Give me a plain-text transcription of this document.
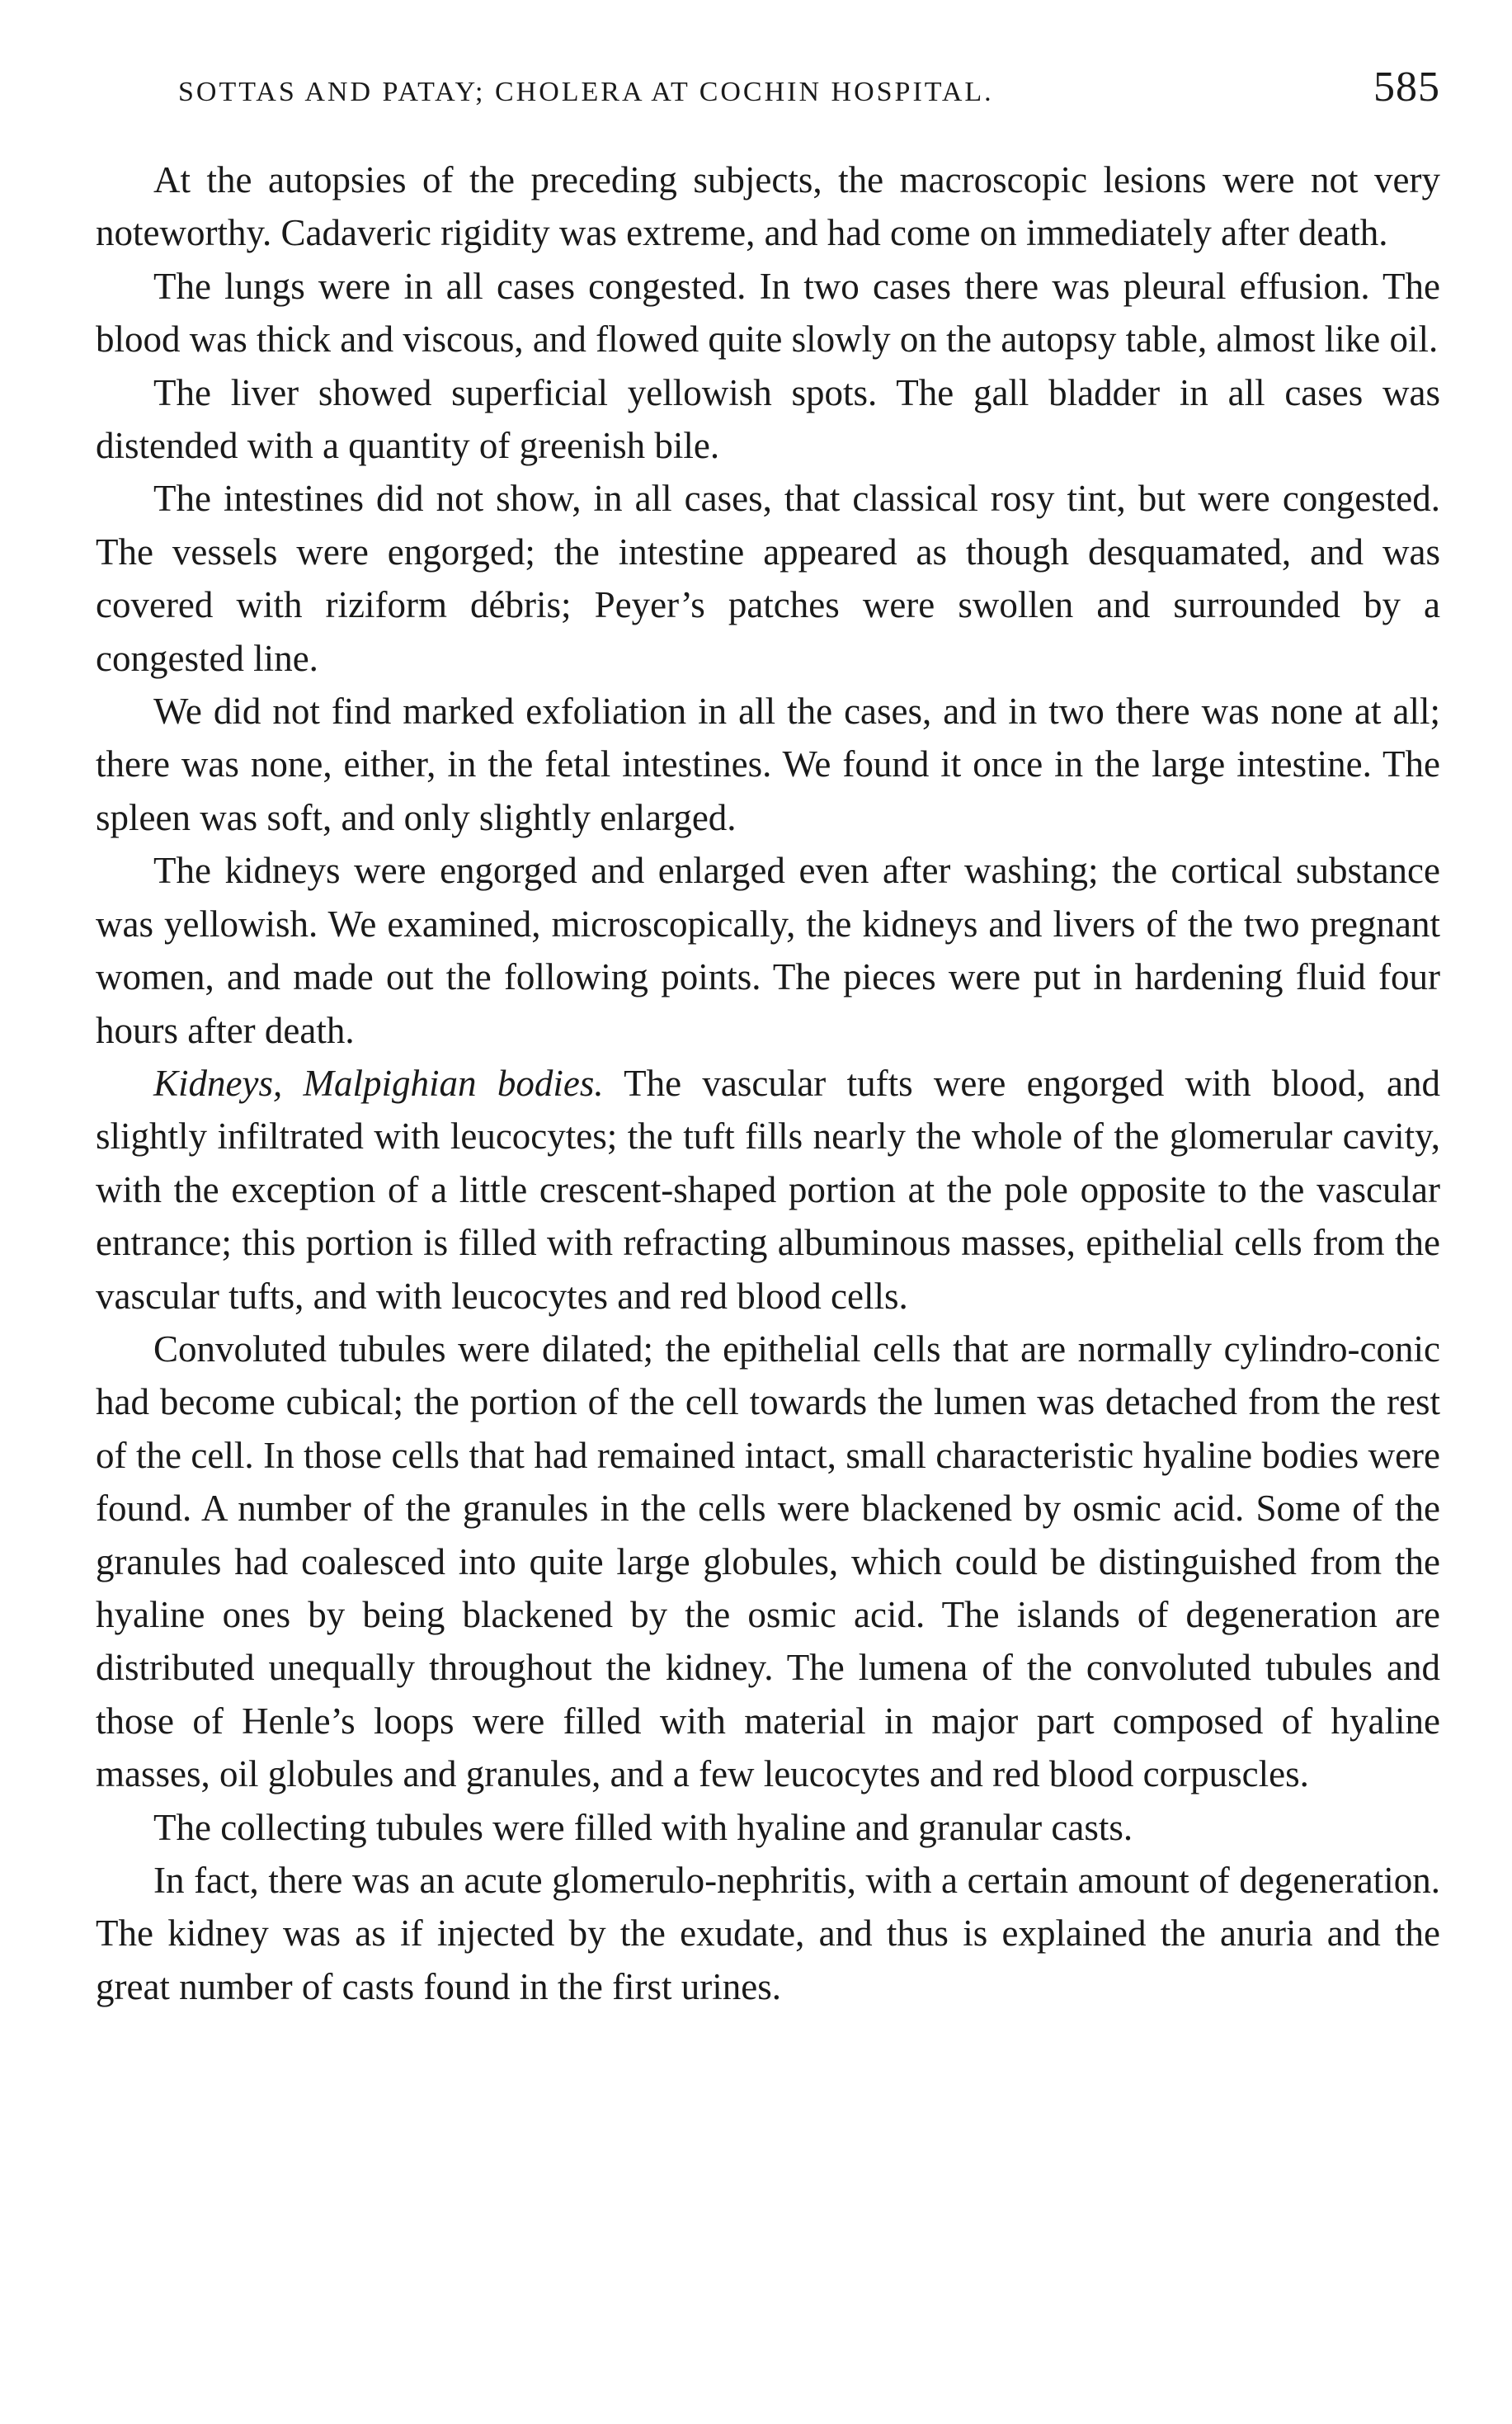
SOTTAS AND PATAY; CHOLERA AT COCHIN HOSPITAL.	585

At the autopsies of the preceding subjects, the macroscopic lesions were not very noteworthy. Cadaveric rigidity was extreme, and had come on immediately after death.

The lungs were in all cases congested. In two cases there was pleural effusion. The blood was thick and viscous, and flowed quite slowly on the autopsy table, almost like oil.

The liver showed superficial yellowish spots. The gall bladder in all cases was distended with a quantity of greenish bile.

The intestines did not show, in all cases, that classical rosy tint, but were congested. The vessels were engorged; the intestine appeared as though desquamated, and was covered with riziform débris; Peyer’s patches were swollen and surrounded by a congested line.

We did not find marked exfoliation in all the cases, and in two there was none at all; there was none, either, in the fetal intestines. We found it once in the large intestine. The spleen was soft, and only slightly enlarged.

The kidneys were engorged and enlarged even after washing; the cortical substance was yellowish. We examined, microscopically, the kidneys and livers of the two pregnant women, and made out the following points. The pieces were put in hardening fluid four hours after death.

Kidneys, Malpighian bodies. The vascular tufts were engorged with blood, and slightly infiltrated with leucocytes; the tuft fills nearly the whole of the glomerular cavity, with the exception of a little crescent-shaped portion at the pole opposite to the vascular entrance; this portion is filled with refracting albuminous masses, epithelial cells from the vascular tufts, and with leucocytes and red blood cells.

Convoluted tubules were dilated; the epithelial cells that are normally cylindro-conic had become cubical; the portion of the cell towards the lumen was detached from the rest of the cell. In those cells that had remained intact, small characteristic hyaline bodies were found. A number of the granules in the cells were blackened by osmic acid. Some of the granules had coalesced into quite large globules, which could be distinguished from the hyaline ones by being blackened by the osmic acid. The islands of degeneration are distributed unequally throughout the kidney. The lumena of the convoluted tubules and those of Henle’s loops were filled with material in major part composed of hyaline masses, oil globules and granules, and a few leucocytes and red blood corpuscles.

The collecting tubules were filled with hyaline and granular casts.

In fact, there was an acute glomerulo-nephritis, with a certain amount of degeneration. The kidney was as if injected by the exudate, and thus is explained the anuria and the great number of casts found in the first urines.
